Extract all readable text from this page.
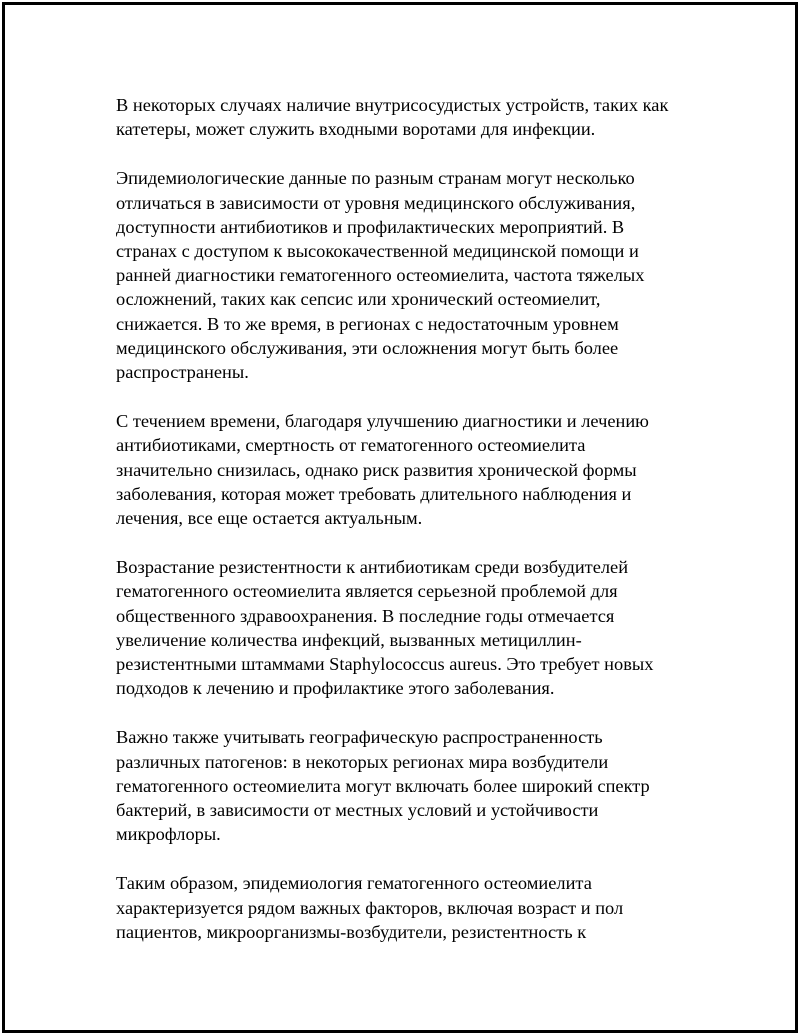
В некоторых случаях наличие внутрисосудистых устройств, таких как
катетеры, может служить входными воротами для инфекции.

Эпидемиологические данные по разным странам могут несколько
отличаться в зависимости от уровня медицинского обслуживания,
доступности антибиотиков и профилактических мероприятий. В
странах с доступом к высококачественной медицинской помощи и
ранней диагностики гематогенного остеомиелита, частота тяжелых
осложнений, таких как сепсис или хронический остеомиелит,
снижается. В то же время, в регионах с недостаточным уровнем
медицинского обслуживания, эти осложнения могут быть более
распространены.

С течением времени, благодаря улучшению диагностики и лечению
антибиотиками, смертность от гематогенного остеомиелита
значительно снизилась, однако риск развития хронической формы
заболевания, которая может требовать длительного наблюдения и
лечения, все еще остается актуальным.

Возрастание резистентности к антибиотикам среди возбудителей
гематогенного остеомиелита является серьезной проблемой для
общественного здравоохранения. В последние годы отмечается
увеличение количества инфекций, вызванных метициллин-
резистентными штаммами Staphylococcus aureus. Это требует новых
подходов к лечению и профилактике этого заболевания.

Важно также учитывать географическую распространенность
различных патогенов: в некоторых регионах мира возбудители
гематогенного остеомиелита могут включать более широкий спектр
бактерий, в зависимости от местных условий и устойчивости
микрофлоры.

Таким образом, эпидемиология гематогенного остеомиелита
характеризуется рядом важных факторов, включая возраст и пол
пациентов, микроорганизмы-возбудители, резистентность к
